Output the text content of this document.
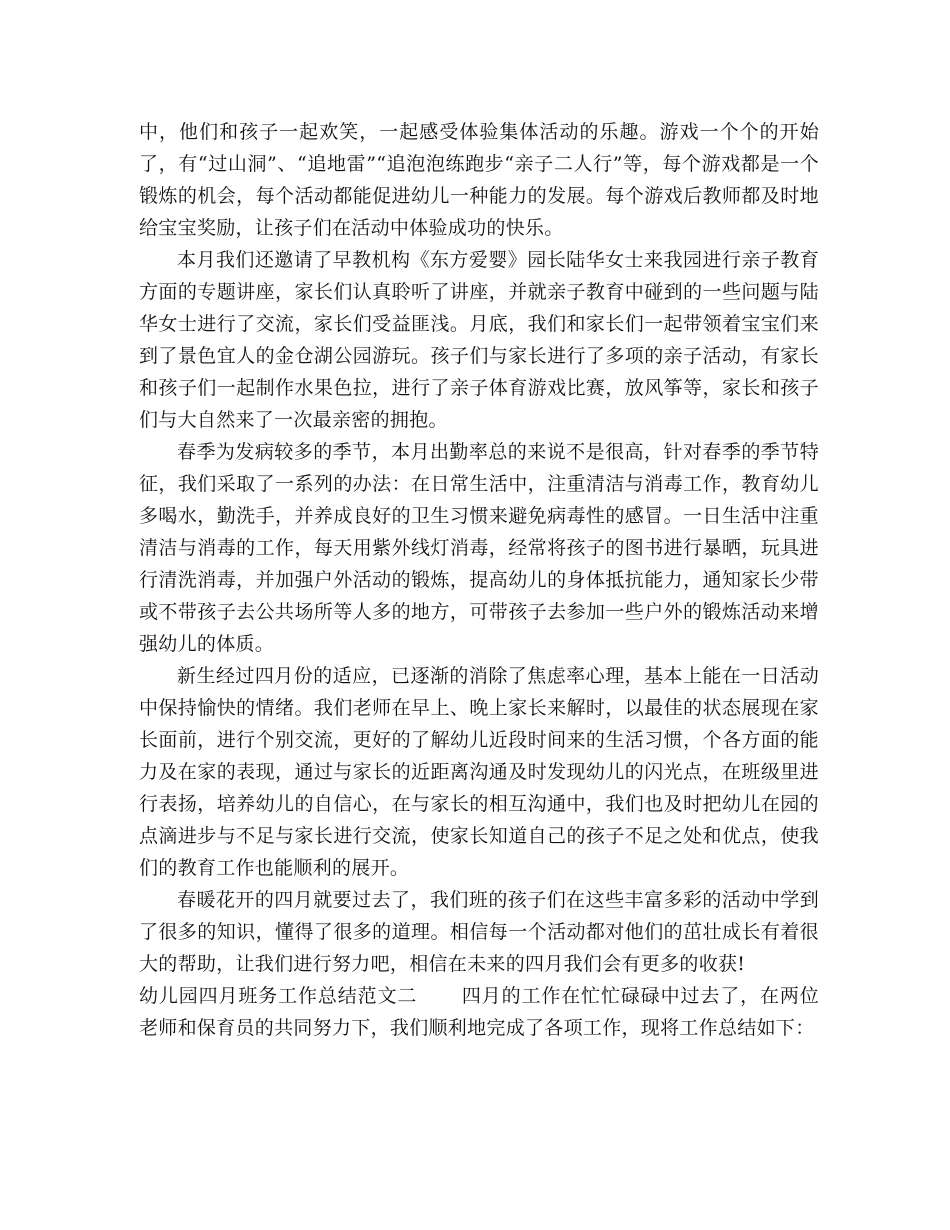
中，他们和孩子一起欢笑，一起感受体验集体活动的乐趣。游戏一个个的开始了，有“过山洞”、“追地雷”“追泡泡练跑步“亲子二人行”等，每个游戏都是一个锻炼的机会，每个活动都能促进幼儿一种能力的发展。每个游戏后教师都及时地给宝宝奖励，让孩子们在活动中体验成功的快乐。

本月我们还邀请了早教机构《东方爱婴》园长陆华女士来我园进行亲子教育方面的专题讲座，家长们认真聆听了讲座，并就亲子教育中碰到的一些问题与陆华女士进行了交流，家长们受益匪浅。月底，我们和家长们一起带领着宝宝们来到了景色宜人的金仓湖公园游玩。孩子们与家长进行了多项的亲子活动，有家长和孩子们一起制作水果色拉，进行了亲子体育游戏比赛，放风筝等，家长和孩子们与大自然来了一次最亲密的拥抱。

春季为发病较多的季节，本月出勤率总的来说不是很高，针对春季的季节特征，我们采取了一系列的办法：在日常生活中，注重清洁与消毒工作，教育幼儿多喝水，勤洗手，并养成良好的卫生习惯来避免病毒性的感冒。一日生活中注重清洁与消毒的工作，每天用紫外线灯消毒，经常将孩子的图书进行暴晒，玩具进行清洗消毒，并加强户外活动的锻炼，提高幼儿的身体抵抗能力，通知家长少带或不带孩子去公共场所等人多的地方，可带孩子去参加一些户外的锻炼活动来增强幼儿的体质。

新生经过四月份的适应，已逐渐的消除了焦虑率心理，基本上能在一日活动中保持愉快的情绪。我们老师在早上、晚上家长来解时，以最佳的状态展现在家长面前，进行个别交流，更好的了解幼儿近段时间来的生活习惯，个各方面的能力及在家的表现，通过与家长的近距离沟通及时发现幼儿的闪光点，在班级里进行表扬，培养幼儿的自信心，在与家长的相互沟通中，我们也及时把幼儿在园的点滴进步与不足与家长进行交流，使家长知道自己的孩子不足之处和优点，使我们的教育工作也能顺利的展开。

春暖花开的四月就要过去了，我们班的孩子们在这些丰富多彩的活动中学到了很多的知识，懂得了很多的道理。相信每一个活动都对他们的茁壮成长有着很大的帮助，让我们进行努力吧，相信在未来的四月我们会有更多的收获!

幼儿园四月班务工作总结范文二 四月的工作在忙忙碌碌中过去了，在两位老师和保育员的共同努力下，我们顺利地完成了各项工作，现将工作总结如下：
